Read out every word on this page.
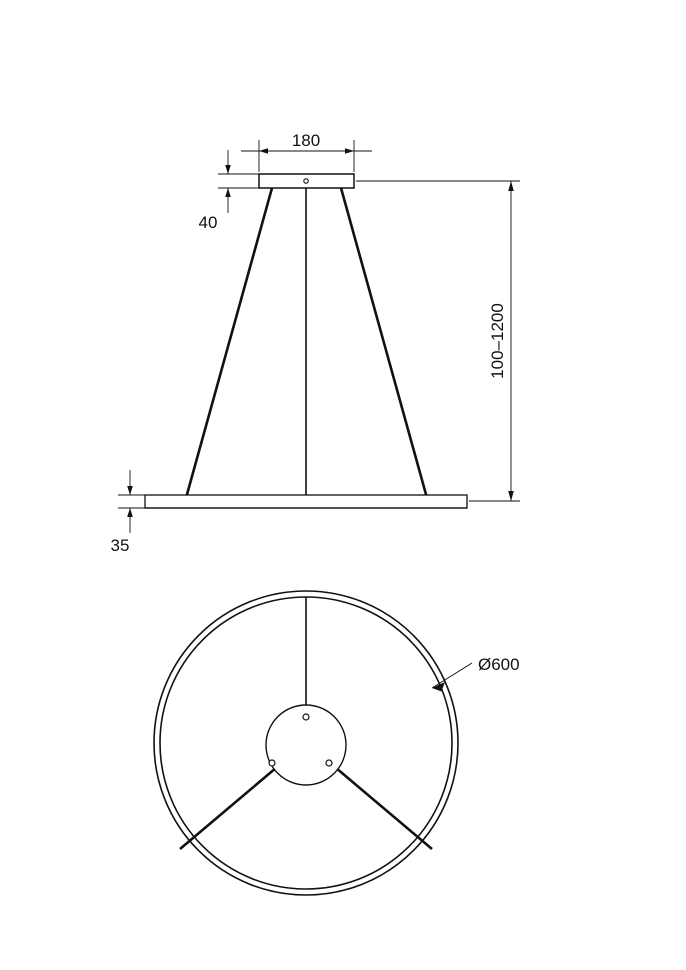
180
40
100–1200
35
Ø600
